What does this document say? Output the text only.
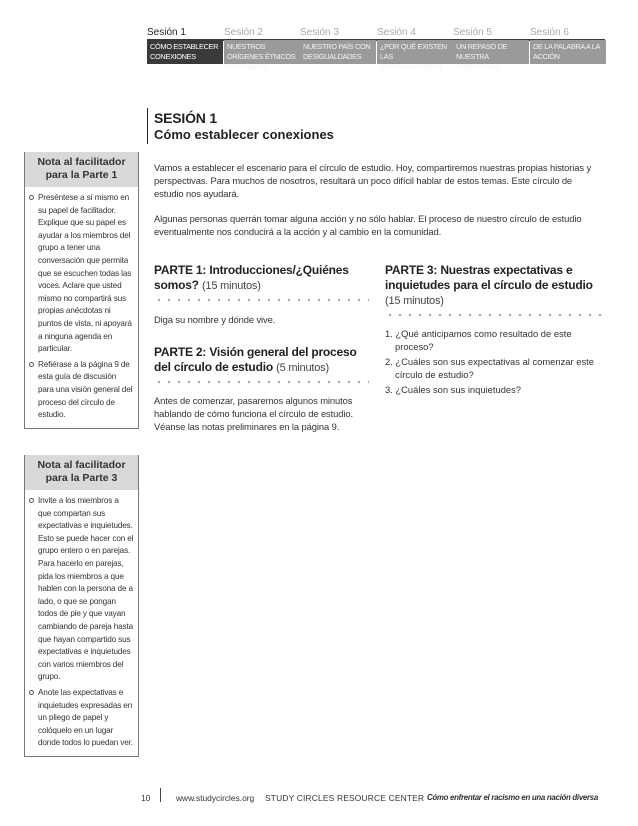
Sesión 1
CÓMO ESTABLECER CONEXIONES
Sesión 2
NUESTROS ORÍGENES ÉTNICOS Y RACIALES
Sesión 3
NUESTRO PAÍS CON DESIGUALDADES
Sesión 4
¿POR QUÉ EXISTEN LAS DESIGUALDADES?
Sesión 5
UN REPASO DE NUESTRA COMUNIDAD
Sesión 6
DE LA PALABRA A LA ACCIÓN
SESIÓN 1
Cómo establecer conexiones
Nota al facilitador para la Parte 1
Preséntese a sí mismo en su papel de facilitador. Explique que su papel es ayudar a los miembros del grupo a tener una conversación que permita que se escuchen todas las voces. Aclare que usted mismo no compartirá sus propias anécdotas ni puntos de vista, ni apoyará a ninguna agenda en particular.
Refiérase a la página 9 de esta guía de discusión para una visión general del proceso del círculo de estudio.
Nota al facilitador para la Parte 3
Invite a los miembros a que compartan sus expectativas e inquietudes. Esto se puede hacer con el grupo entero o en parejas. Para hacerlo en parejas, pida los miembros a que hablen con la persona de a lado, o que se pongan todos de pie y que vayan cambiando de pareja hasta que hayan compartido sus expectativas e inquietudes con varios miembros del grupo.
Anote las expectativas e inquietudes expresadas en un pliego de papel y colóquelo en un lugar donde todos lo puedan ver.
Vamos a establecer el escenario para el círculo de estudio. Hoy, compartiremos nuestras propias historias y perspectivas. Para muchos de nosotros, resultará un poco difícil hablar de estos temas. Este círculo de estudio nos ayudará.
Algunas personas querrán tomar alguna acción y no sólo hablar. El proceso de nuestro círculo de estudio eventualmente nos conducirá a la acción y al cambio en la comunidad.
PARTE 1: Introducciones/¿Quiénes somos? (15 minutos)
Diga su nombre y dónde vive.
PARTE 2: Visión general del proceso del círculo de estudio (5 minutos)
Antes de comenzar, pasaremos algunos minutos hablando de cómo funciona el círculo de estudio. Véanse las notas preliminares en la página 9.
PARTE 3: Nuestras expectativas e inquietudes para el círculo de estudio (15 minutos)
1. ¿Qué anticipamos como resultado de este proceso?
2. ¿Cuáles son sus expectativas al comenzar este círculo de estudio?
3. ¿Cuáles son sus inquietudes?
10	www.studycircles.org STUDY CIRCLES RESOURCE CENTER Cómo enfrentar el racismo en una nación diversa
